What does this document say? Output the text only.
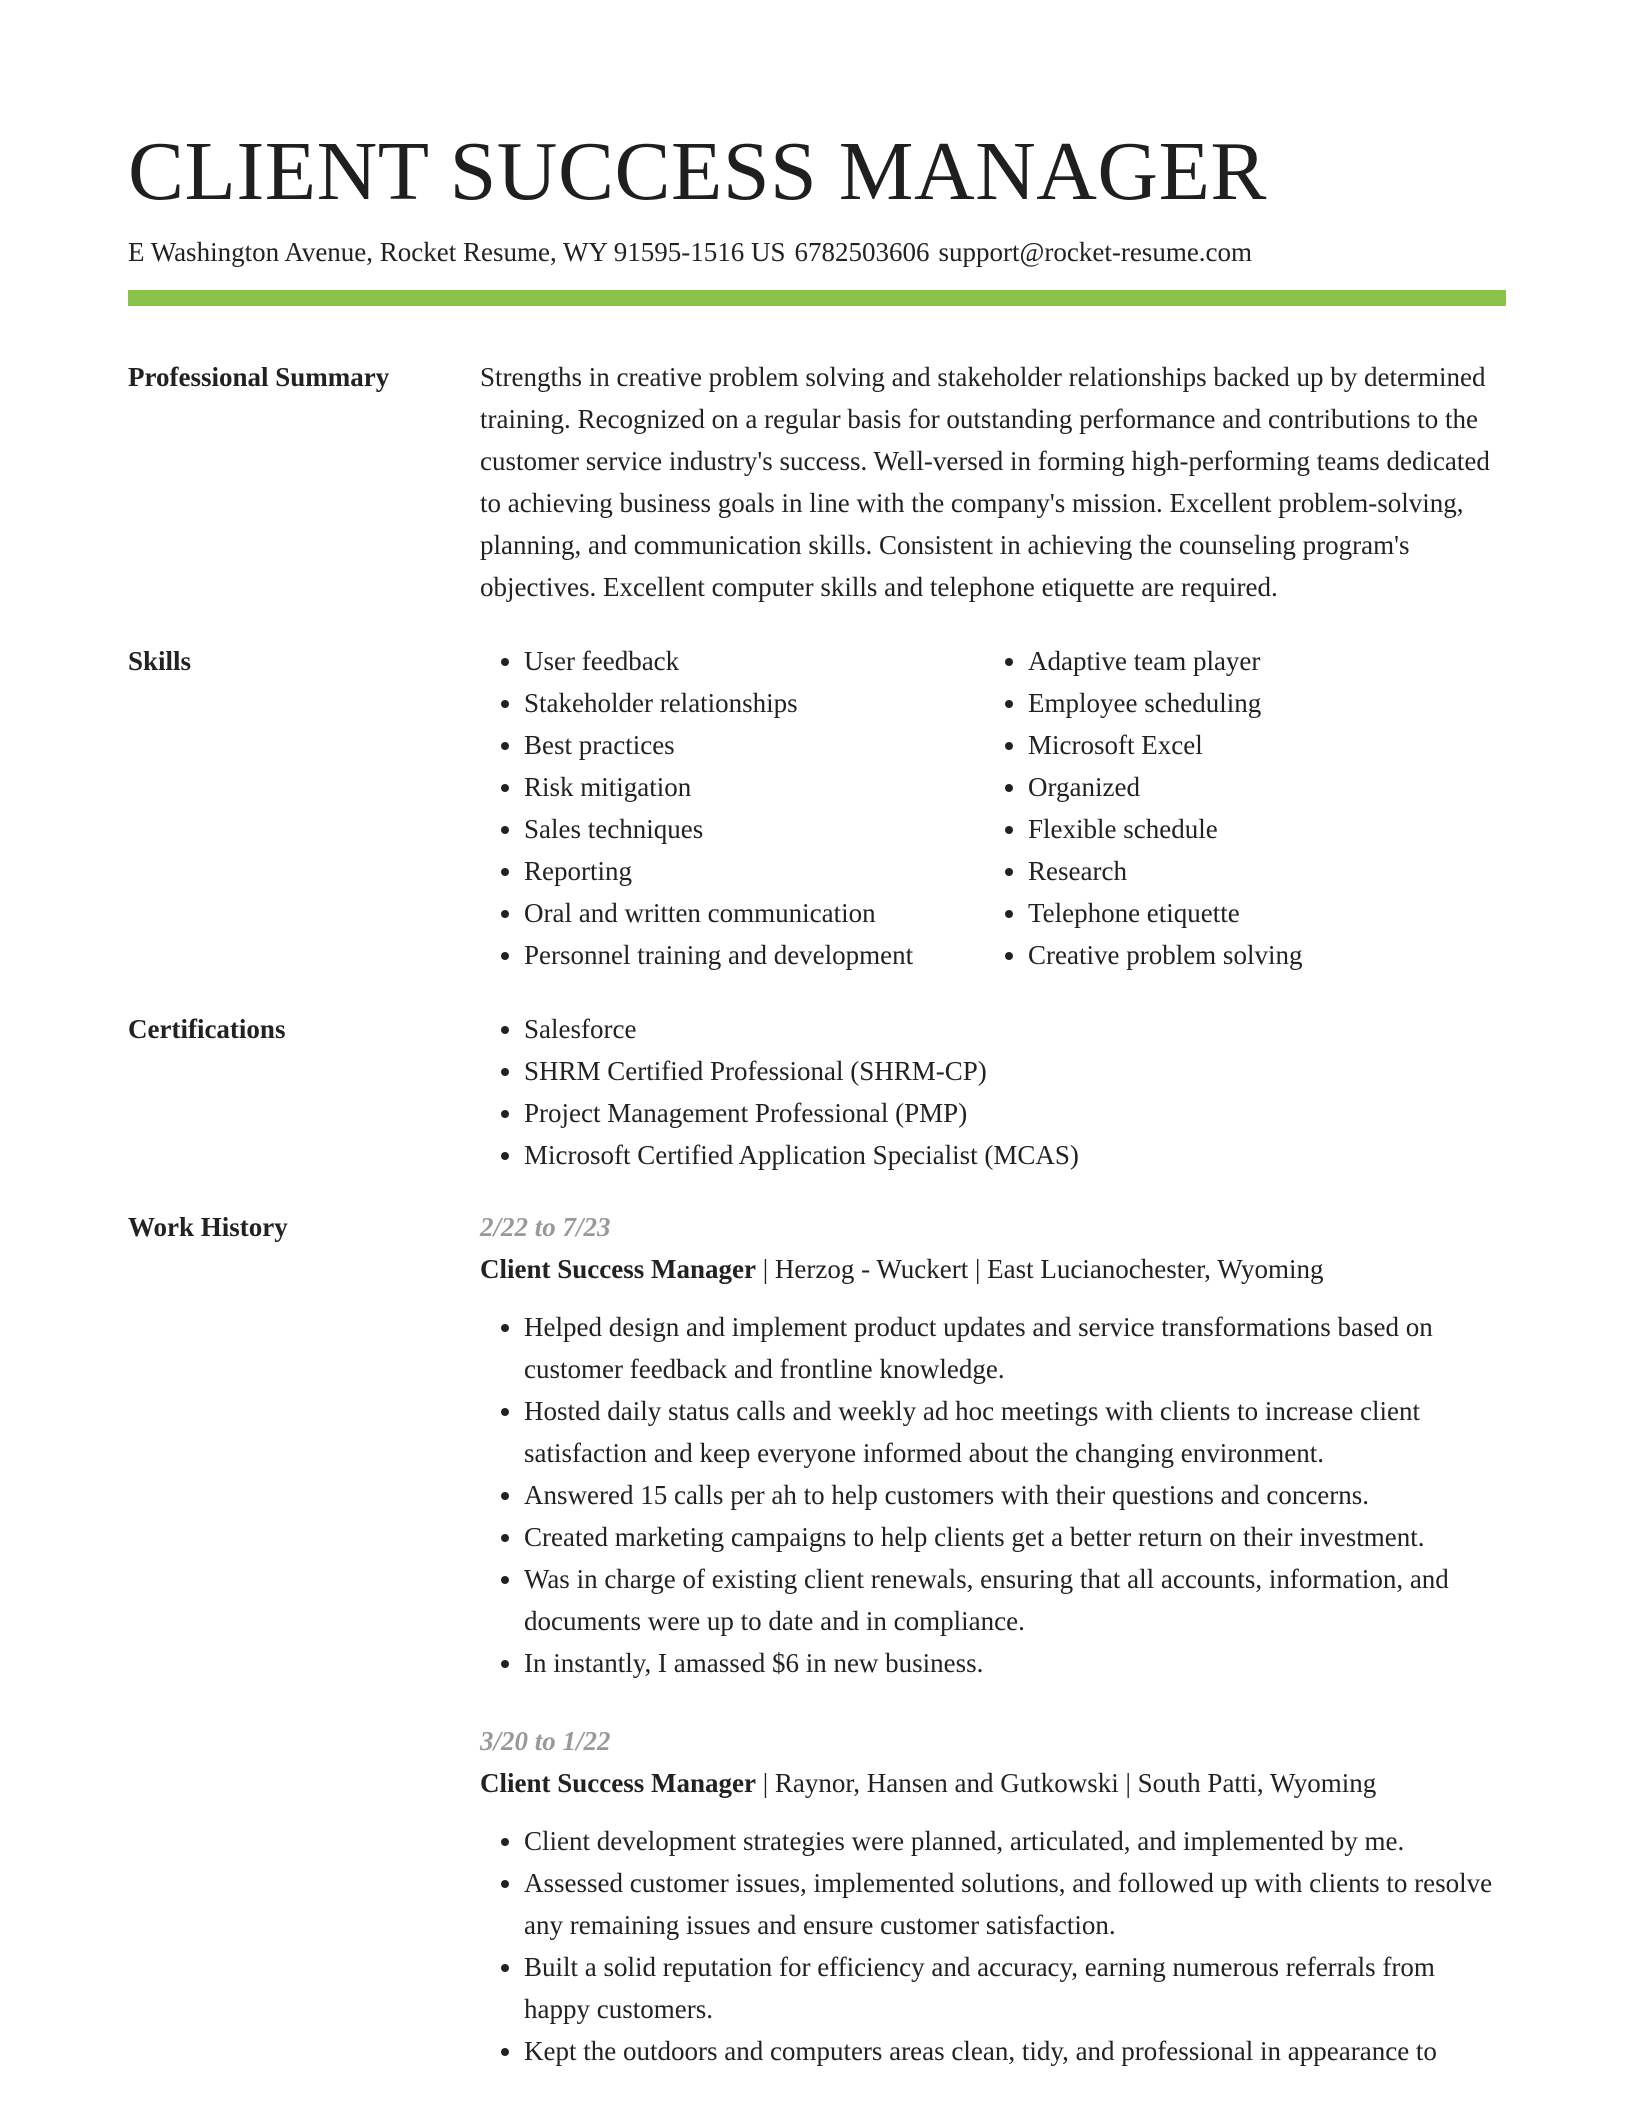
CLIENT SUCCESS MANAGER
E Washington Avenue, Rocket Resume, WY 91595-1516 US 6782503606 support@rocket-resume.com
Professional Summary	Strengths in creative problem solving and stakeholder relationships backed up by determined training. Recognized on a regular basis for outstanding performance and contributions to the customer service industry's success. Well-versed in forming high-performing teams dedicated to achieving business goals in line with the company's mission. Excellent problem-solving, planning, and communication skills. Consistent in achieving the counseling program's objectives. Excellent computer skills and telephone etiquette are required.
Skills	• User feedback
• Stakeholder relationships
• Best practices
• Risk mitigation
• Sales techniques
• Reporting
• Oral and written communication
• Personnel training and development
• Adaptive team player
• Employee scheduling
• Microsoft Excel
• Organized
• Flexible schedule
• Research
• Telephone etiquette
• Creative problem solving
Certifications	• Salesforce
• SHRM Certified Professional (SHRM-CP)
• Project Management Professional (PMP)
• Microsoft Certified Application Specialist (MCAS)
Work History	2/22 to 7/23
Client Success Manager | Herzog - Wuckert | East Lucianochester, Wyoming
• Helped design and implement product updates and service transformations based on customer feedback and frontline knowledge.
• Hosted daily status calls and weekly ad hoc meetings with clients to increase client satisfaction and keep everyone informed about the changing environment.
• Answered 15 calls per ah to help customers with their questions and concerns.
• Created marketing campaigns to help clients get a better return on their investment.
• Was in charge of existing client renewals, ensuring that all accounts, information, and documents were up to date and in compliance.
• In instantly, I amassed $6 in new business.
3/20 to 1/22
Client Success Manager | Raynor, Hansen and Gutkowski | South Patti, Wyoming
• Client development strategies were planned, articulated, and implemented by me.
• Assessed customer issues, implemented solutions, and followed up with clients to resolve any remaining issues and ensure customer satisfaction.
• Built a solid reputation for efficiency and accuracy, earning numerous referrals from happy customers.
• Kept the outdoors and computers areas clean, tidy, and professional in appearance to
